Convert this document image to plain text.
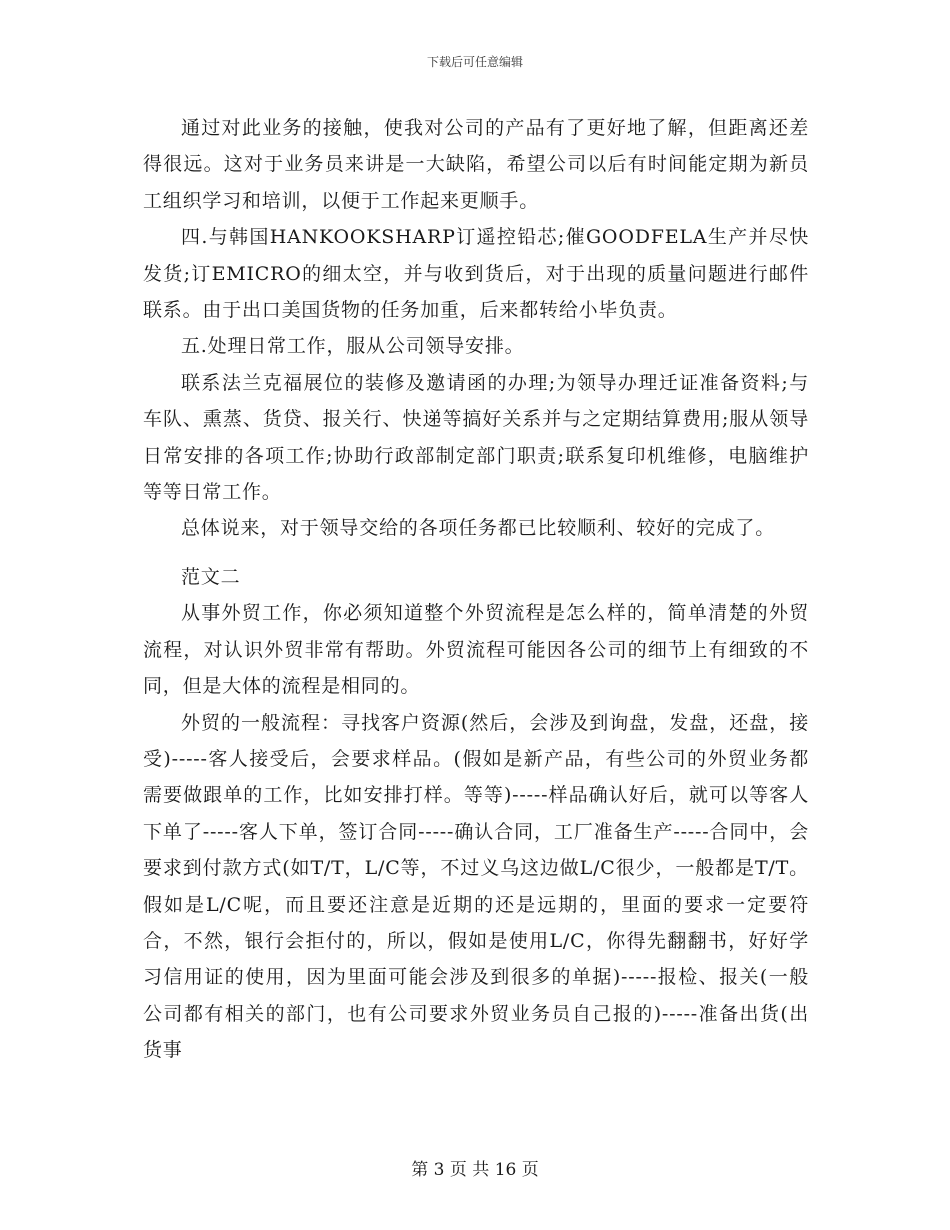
下载后可任意编辑

通过对此业务的接触，使我对公司的产品有了更好地了解，但距离还差得很远。这对于业务员来讲是一大缺陷，希望公司以后有时间能定期为新员工组织学习和培训，以便于工作起来更顺手。

四.与韩国HANKOOKSHARP订遥控铅芯;催GOODFELA生产并尽快发货;订EMICRO的细太空，并与收到货后，对于出现的质量问题进行邮件联系。由于出口美国货物的任务加重，后来都转给小毕负责。

五.处理日常工作，服从公司领导安排。

联系法兰克福展位的装修及邀请函的办理;为领导办理迁证准备资料;与车队、熏蒸、货贷、报关行、快递等搞好关系并与之定期结算费用;服从领导日常安排的各项工作;协助行政部制定部门职责;联系复印机维修，电脑维护等等日常工作。

总体说来，对于领导交给的各项任务都已比较顺利、较好的完成了。

范文二

从事外贸工作，你必须知道整个外贸流程是怎么样的，简单清楚的外贸流程，对认识外贸非常有帮助。外贸流程可能因各公司的细节上有细致的不同，但是大体的流程是相同的。

外贸的一般流程：寻找客户资源(然后，会涉及到询盘，发盘，还盘，接受)-----客人接受后，会要求样品。(假如是新产品，有些公司的外贸业务都需要做跟单的工作，比如安排打样。等等)-----样品确认好后，就可以等客人下单了-----客人下单，签订合同-----确认合同，工厂准备生产-----合同中，会要求到付款方式(如T/T，L/C等，不过义乌这边做L/C很少，一般都是T/T。假如是L/C呢，而且要还注意是近期的还是远期的，里面的要求一定要符合，不然，银行会拒付的，所以，假如是使用L/C，你得先翻翻书，好好学习信用证的使用，因为里面可能会涉及到很多的单据)-----报检、报关(一般公司都有相关的部门，也有公司要求外贸业务员自己报的)-----准备出货(出货事

第 3 页 共 16 页
